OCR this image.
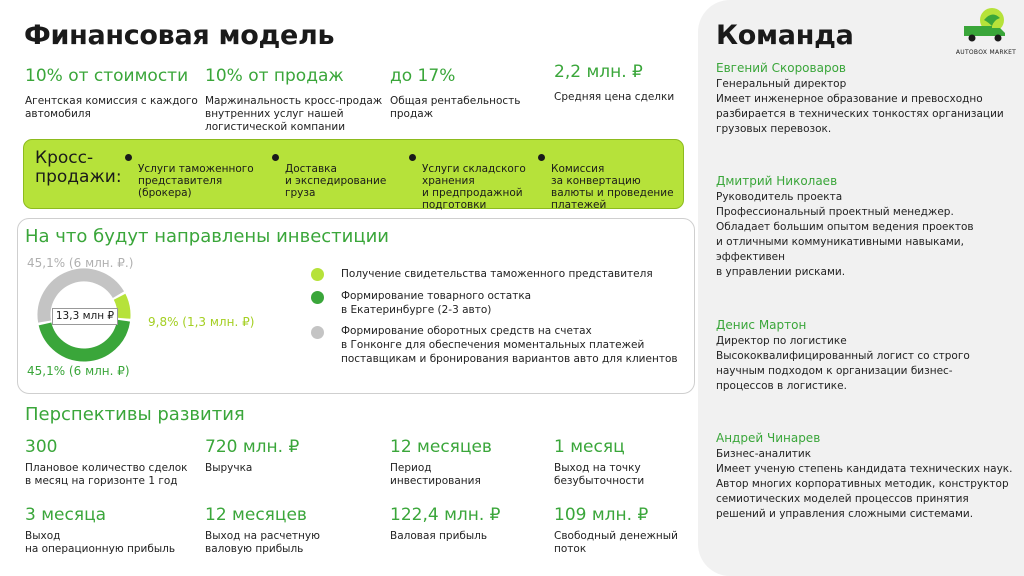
Финансовая модель
10% от стоимости
Агентская комиссия с каждого
автомобиля
10% от продаж
Маржинальность кросс-продаж
внутренних услуг нашей
логистической компании
до 17%
Общая рентабельность
продаж
2,2 млн. ₽
Средняя цена сделки
Кросс-
продажи:	Услуги таможенного
представителя
(брокера)

Доставка
и экспедирование
груза

Услуги складского
хранения
и предпродажной
подготовки

Комиссия
за конвертацию
валюты и проведение
платежей

На что будут направлены инвестиции
13,3 млн ₽
45,1% (6 млн. ₽.)
9,8% (1,3 млн. ₽)
45,1% (6 млн. ₽)
Получение свидетельства таможенного представителя
Формирование товарного остатка
в Екатеринбурге (2-3 авто)
Формирование оборотных средств на счетах
в Гонконге для обеспечения моментальных платежей
поставщикам и бронирования вариантов авто для клиентов
Перспективы развития
300
Плановое количество сделок
в месяц на горизонте 1 год
720 млн. ₽
Выручка
12 месяцев
Период
инвестирования
1 месяц
Выход на точку
безубыточности
3 месяца
Выход
на операционную прибыль
12 месяцев
Выход на расчетную
валовую прибыль
122,4 млн. ₽
Валовая прибыль
109 млн. ₽
Свободный денежный
поток
Команда
AUTOBOX MARKET
Евгений Скороваров
Генеральный директор
Имеет инженерное образование и превосходно
разбирается в технических тонкостях организации
грузовых перевозок.
Дмитрий Николаев
Руководитель проекта
Профессиональный проектный менеджер.
Обладает большим опытом ведения проектов
и отличными коммуникативными навыками,
эффективен
в управлении рисками.
Денис Мартон
Директор по логистике
Высококвалифицированный логист со строго
научным подходом к организации бизнес-
процессов в логистике.
Андрей Чинарев
Бизнес-аналитик
Имеет ученую степень кандидата технических наук.
Автор многих корпоративных методик, конструктор
семиотических моделей процессов принятия
решений и управления сложными системами.
